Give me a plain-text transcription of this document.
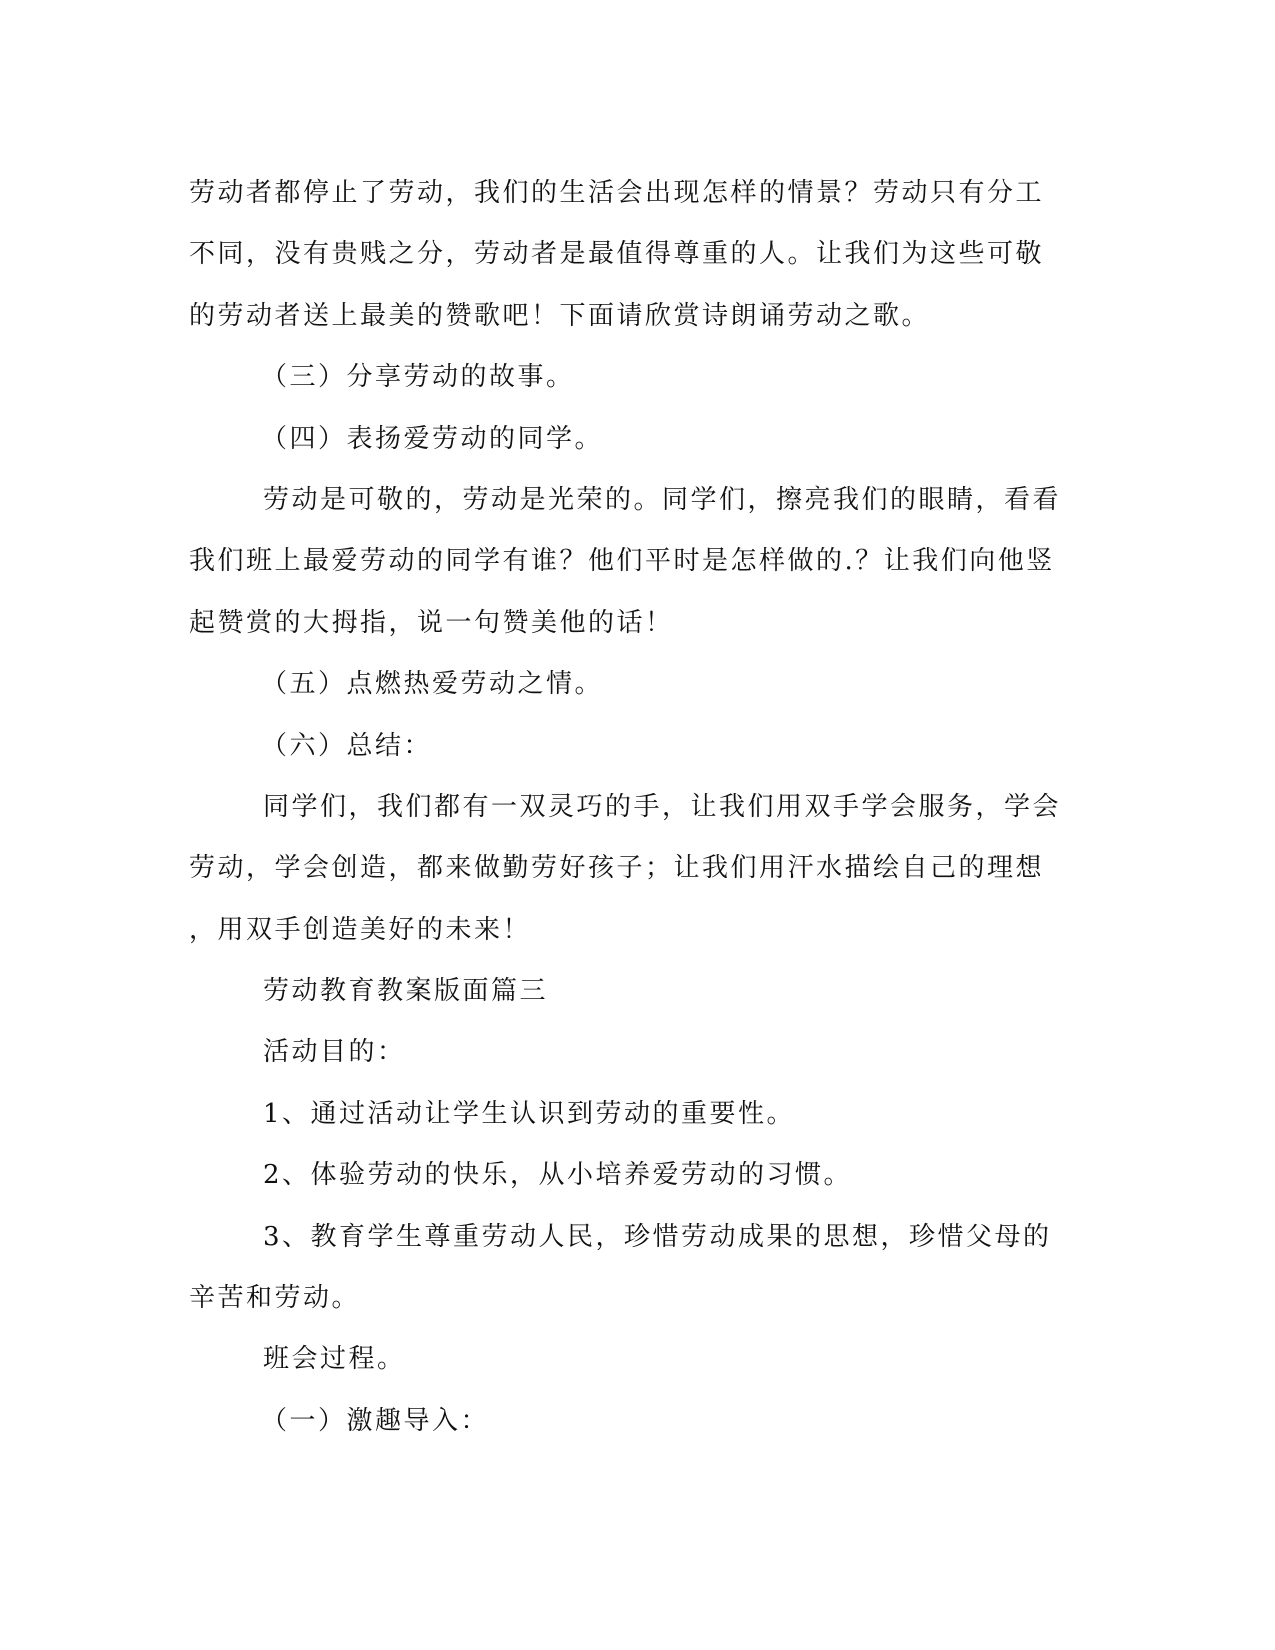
劳动者都停止了劳动，我们的生活会出现怎样的情景？劳动只有分工
不同，没有贵贱之分，劳动者是最值得尊重的人。让我们为这些可敬
的劳动者送上最美的赞歌吧！下面请欣赏诗朗诵劳动之歌。
（三）分享劳动的故事。
（四）表扬爱劳动的同学。
劳动是可敬的，劳动是光荣的。同学们，擦亮我们的眼睛，看看
我们班上最爱劳动的同学有谁？他们平时是怎样做的.？让我们向他竖
起赞赏的大拇指，说一句赞美他的话！
（五）点燃热爱劳动之情。
（六）总结：
同学们，我们都有一双灵巧的手，让我们用双手学会服务，学会
劳动，学会创造，都来做勤劳好孩子；让我们用汗水描绘自己的理想
，用双手创造美好的未来！
劳动教育教案版面篇三
活动目的：
1、通过活动让学生认识到劳动的重要性。
2、体验劳动的快乐，从小培养爱劳动的习惯。
3、教育学生尊重劳动人民，珍惜劳动成果的思想，珍惜父母的
辛苦和劳动。
班会过程。
（一）激趣导入：
